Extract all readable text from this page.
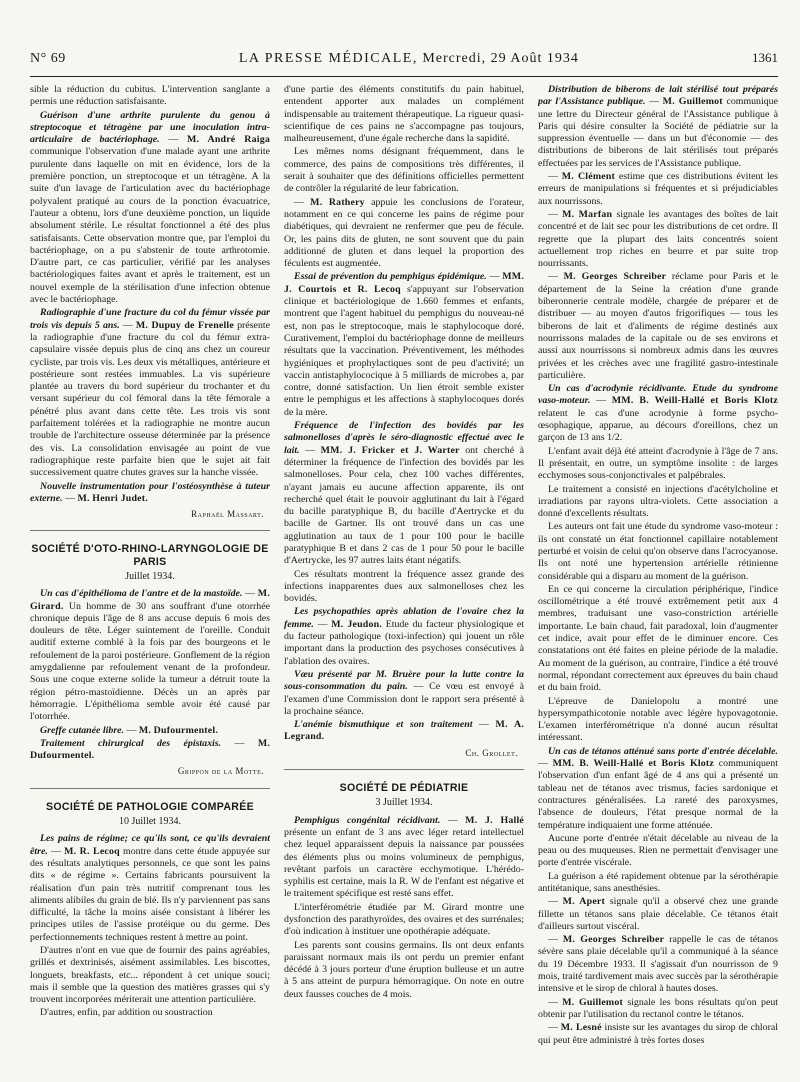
N° 69	LA PRESSE MÉDICALE, Mercredi, 29 Août 1934	1361

sible la réduction du cubitus. L'intervention sanglante a permis une réduction satisfaisante.

Guérison d'une arthrite purulente du genou à streptocoque et tétragène par une inoculation intra-articulaire de bactériophage. — M. André Raiga communique l'observation d'une malade ayant une arthrite purulente dans laquelle on mit en évidence, lors de la première ponction, un streptocoque et un tétragène. A la suite d'un lavage de l'articulation avec du bactériophage polyvalent pratiqué au cours de la ponction évacuatrice, l'auteur a obtenu, lors d'une deuxième ponction, un liquide absolument stérile. Le résultat fonctionnel a été des plus satisfaisants. Cette observation montre que, par l'emploi du bactériophage, on a pu s'abstenir de toute arthrotomie. D'autre part, ce cas particulier, vérifié par les analyses bactériologiques faites avant et après le traitement, est un nouvel exemple de la stérilisation d'une infection obtenue avec le bactériophage.

Radiographie d'une fracture du col du fémur vissée par trois vis depuis 5 ans. — M. Dupuy de Frenelle présente la radiographie d'une fracture du col du fémur extra-capsulaire vissée depuis plus de cinq ans chez un coureur cycliste, par trois vis. Les deux vis métalliques, antérieure et postérieure sont restées immuables. La vis supérieure plantée au travers du bord supérieur du trochanter et du versant supérieur du col fémoral dans la tête fémorale a pénétré plus avant dans cette tête. Les trois vis sont parfaitement tolérées et la radiographie ne montre aucun trouble de l'architecture osseuse déterminée par la présence des vis. La consolidation envisagée au point de vue radiographique reste parfaite bien que le sujet ait fait successivement quatre chutes graves sur la hanche vissée.

Nouvelle instrumentation pour l'ostéosynthèse à tuteur externe. — M. Henri Judet.

Raphaël Massart.
SOCIÉTÉ D'OTO-RHINO-LARYNGOLOGIE DE PARIS
Juillet 1934.

Un cas d'épithélioma de l'antre et de la mastoïde. — M. Girard. Un homme de 30 ans souffrant d'une otorrhée chronique depuis l'âge de 8 ans accuse depuis 6 mois des douleurs de tête. Léger suintement de l'oreille. Conduit auditif externe comblé à la fois par des bourgeons et le refoulement de la paroi postérieure. Gonflement de la région amygdalienne par refoulement venant de la profondeur. Sous une coque externe solide la tumeur a détruit toute la région pétro-mastoïdienne. Décès un an après par hémorragie. L'épithélioma semble avoir été causé par l'otorrhée.

Greffe cutanée libre. — M. Dufourmentel.

Traitement chirurgical des épistaxis. — M. Dufourmentel.

Grippon de la Motte.
SOCIÉTÉ DE PATHOLOGIE COMPARÉE
10 Juillet 1934.

Les pains de régime; ce qu'ils sont, ce qu'ils devraient être. — M. R. Lecoq montre dans cette étude appuyée sur des résultats analytiques personnels, ce que sont les pains dits « de régime ». Certains fabricants poursuivent la réalisation d'un pain très nutritif comprenant tous les aliments alibiles du grain de blé. Ils n'y parviennent pas sans difficulté, la tâche la moins aisée consistant à libérer les principes utiles de l'assise protéique ou du germe. Des perfectionnements techniques restent à mettre au point.

D'autres n'ont en vue que de fournir des pains agréables, grillés et dextrinisés, aisément assimilables. Les biscottes, longuets, breakfasts, etc... répondent à cet unique souci; mais il semble que la question des matières grasses qui s'y trouvent incorporées mériterait une attention particulière.

D'autres, enfin, par addition ou soustraction

d'une partie des éléments constitutifs du pain habituel, entendent apporter aux malades un complément indispensable au traitement thérapeutique. La rigueur quasi-scientifique de ces pains ne s'accompagne pas toujours, malheureusement, d'une égale recherche dans la sapidité.

Les mêmes noms désignant fréquemment, dans le commerce, des pains de compositions très différentes, il serait à souhaiter que des définitions officielles permettent de contrôler la régularité de leur fabrication.

— M. Rathery appuie les conclusions de l'orateur, notamment en ce qui concerne les pains de régime pour diabétiques, qui devraient ne renfermer que peu de fécule. Or, les pains dits de gluten, ne sont souvent que du pain additionné de gluten et dans lequel la proportion des féculents est augmentée.

Essai de prévention du pemphigus épidémique. — MM. J. Courtois et R. Lecoq s'appuyant sur l'observation clinique et bactériologique de 1.660 femmes et enfants, montrent que l'agent habituel du pemphigus du nouveau-né est, non pas le streptocoque, mais le staphylocoque doré. Curativement, l'emploi du bactériophage donne de meilleurs résultats que la vaccination. Préventivement, les méthodes hygiéniques et prophylactiques sont de peu d'activité; un vaccin antistaphylococique à 5 milliards de microbes a, par contre, donné satisfaction. Un lien étroit semble exister entre le pemphigus et les affections à staphylocoques dorés de la mère.

Fréquence de l'infection des bovidés par les salmonelloses d'après le séro-diagnostic effectué avec le lait. — MM. J. Fricker et J. Warter ont cherché à déterminer la fréquence de l'infection des bovidés par les salmonelloses. Pour cela, chez 100 vaches différentes, n'ayant jamais eu aucune affection apparente, ils ont recherché quel était le pouvoir agglutinant du lait à l'égard du bacille paratyphique B, du bacille d'Aertrycke et du bacille de Gartner. Ils ont trouvé dans un cas une agglutination au taux de 1 pour 100 pour le bacille paratyphique B et dans 2 cas de 1 pour 50 pour le bacille d'Aertrycke, les 97 autres laits étant négatifs.

Ces résultats montrent la fréquence assez grande des infections inapparentes dues aux salmonelloses chez les bovidés.

Les psychopathies après ablation de l'ovaire chez la femme. — M. Jeudon. Etude du facteur physiologique et du facteur pathologique (toxi-infection) qui jouent un rôle important dans la production des psychoses consécutives à l'ablation des ovaires.

Vœu présenté par M. Bruère pour la lutte contre la sous-consommation du pain. — Ce vœu est envoyé à l'examen d'une Commission dont le rapport sera présenté à la prochaine séance.

L'anémie bismuthique et son traitement — M. A. Legrand.

Ch. Grollet.
SOCIÉTÉ DE PÉDIATRIE
3 Juillet 1934.

Pemphigus congénital récidivant. — M. J. Hallé présente un enfant de 3 ans avec léger retard intellectuel chez lequel apparaissent depuis la naissance par poussées des éléments plus ou moins volumineux de pemphigus, revêtant parfois un caractère ecchymotique. L'hérédo-syphilis est certaine, mais la R. W de l'enfant est négative et le traitement spécifique est resté sans effet.

L'interférométrie étudiée par M. Girard montre une dysfonction des parathyroïdes, des ovaires et des surrénales; d'où indication à instituer une opothérapie adéquate.

Les parents sont cousins germains. Ils ont deux enfants paraissant normaux mais ils ont perdu un premier enfant décédé à 3 jours porteur d'une éruption bulleuse et un autre à 5 ans atteint de purpura hémorragique. On note en outre deux fausses couches de 4 mois.

Distribution de biberons de lait stérilisé tout préparés par l'Assistance publique. — M. Guillemot communique une lettre du Directeur général de l'Assistance publique à Paris qui désire consulter la Société de pédiatrie sur la suppression éventuelle — dans un but d'économie — des distributions de biberons de lait stérilisés tout préparés effectuées par les services de l'Assistance publique.

— M. Clément estime que ces distributions évitent les erreurs de manipulations si fréquentes et si préjudiciables aux nourrissons.

— M. Marfan signale les avantages des boîtes de lait concentré et de lait sec pour les distributions de cet ordre. Il regrette que la plupart des laits concentrés soient actuellement trop riches en beurre et par suite trop nourrissants.

— M. Georges Schreiber réclame pour Paris et le département de la Seine la création d'une grande biberonnerie centrale modèle, chargée de préparer et de distribuer — au moyen d'autos frigorifiques — tous les biberons de lait et d'aliments de régime destinés aux nourrissons malades de la capitale ou de ses environs et aussi aux nourrissons si nombreux admis dans les œuvres privées et les crèches avec une fragilité gastro-intestinale particulière.

Un cas d'acrodynie récidivante. Etude du syndrome vaso-moteur. — MM. B. Weill-Hallé et Boris Klotz relatent le cas d'une acrodynie à forme psycho-œsophagique, apparue, au décours d'oreillons, chez un garçon de 13 ans 1/2.

L'enfant avait déjà été atteint d'acrodynie à l'âge de 7 ans. Il présentait, en outre, un symptôme insolite : de larges ecchymoses sous-conjonctivales et palpébrales.

Le traitement a consisté en injections d'acétylcholine et irradiations par rayons ultra-violets. Cette association a donné d'excellents résultats.

Les auteurs ont fait une étude du syndrome vaso-moteur : ils ont constaté un état fonctionnel capillaire notablement perturbé et voisin de celui qu'on observe dans l'acrocyanose. Ils ont noté une hypertension artérielle rétinienne considérable qui a disparu au moment de la guérison.

En ce qui concerne la circulation périphérique, l'indice oscillométrique a été trouvé extrêmement petit aux 4 membres, traduisant une vaso-constriction artérielle importante. Le bain chaud, fait paradoxal, loin d'augmenter cet indice, avait pour effet de le diminuer encore. Ces constatations ont été faites en pleine période de la maladie. Au moment de la guérison, au contraire, l'indice a été trouvé normal, répondant correctement aux épreuves du bain chaud et du bain froid.

L'épreuve de Danielopolu a montré une hypersympathicotonie notable avec légère hypovagotonie. L'examen interférométrique n'a donné aucun résultat intéressant.

Un cas de tétanos atténué sans porte d'entrée décelable. — MM. B. Weill-Hallé et Boris Klotz communiquent l'observation d'un enfant âgé de 4 ans qui a présenté un tableau net de tétanos avec trismus, facies sardonique et contractures généralisées. La rareté des paroxysmes, l'absence de douleurs, l'état presque normal de la température indiquaient une forme atténuée.

Aucune porte d'entrée n'était décelable au niveau de la peau ou des muqueuses. Rien ne permettait d'envisager une porte d'entrée viscérale.

La guérison a été rapidement obtenue par la sérothérapie antitétanique, sans anesthésies.

— M. Apert signale qu'il a observé chez une grande fillette un tétanos sans plaie décelable. Ce tétanos était d'ailleurs surtout viscéral.

— M. Georges Schreiber rappelle le cas de tétanos sévère sans plaie décelable qu'il a communiqué à la séance du 19 Décembre 1933. Il s'agissait d'un nourrisson de 9 mois, traité tardivement mais avec succès par la sérothérapie intensive et le sirop de chloral à hautes doses.

— M. Guillemot signale les bons résultats qu'on peut obtenir par l'utilisation du rectanol contre le tétanos.

— M. Lesné insiste sur les avantages du sirop de chloral qui peut être administré à très fortes doses
